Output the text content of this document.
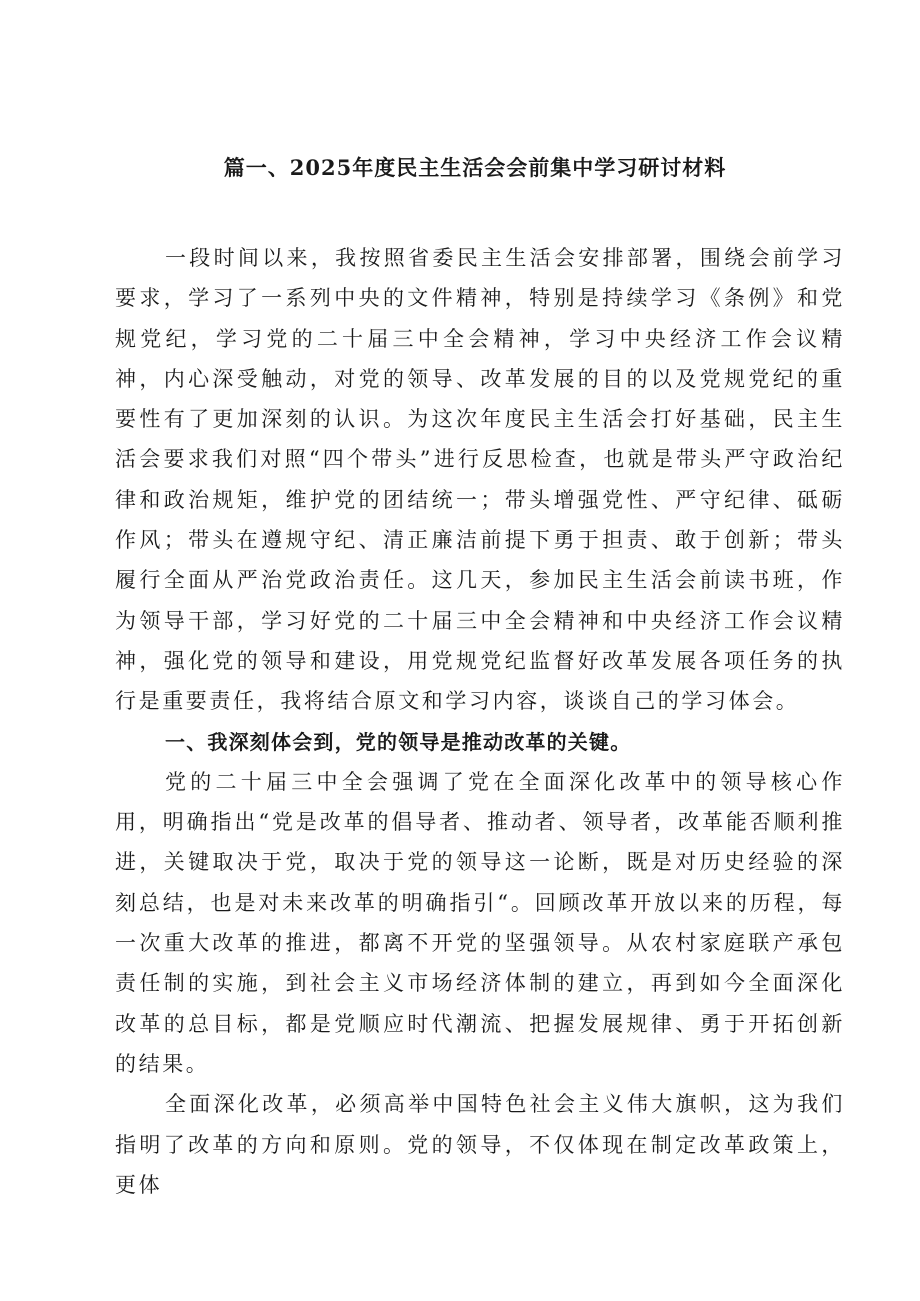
篇一、2025年度民主生活会会前集中学习研讨材料

一段时间以来，我按照省委民主生活会安排部署，围绕会前学习要求，学习了一系列中央的文件精神，特别是持续学习《条例》和党规党纪，学习党的二十届三中全会精神，学习中央经济工作会议精神，内心深受触动，对党的领导、改革发展的目的以及党规党纪的重要性有了更加深刻的认识。为这次年度民主生活会打好基础，民主生活会要求我们对照“四个带头”进行反思检查，也就是带头严守政治纪律和政治规矩，维护党的团结统一；带头增强党性、严守纪律、砥砺作风；带头在遵规守纪、清正廉洁前提下勇于担责、敢于创新；带头履行全面从严治党政治责任。这几天，参加民主生活会前读书班，作为领导干部，学习好党的二十届三中全会精神和中央经济工作会议精神，强化党的领导和建设，用党规党纪监督好改革发展各项任务的执行是重要责任，我将结合原文和学习内容，谈谈自己的学习体会。

一、我深刻体会到，党的领导是推动改革的关键。

党的二十届三中全会强调了党在全面深化改革中的领导核心作用，明确指出“党是改革的倡导者、推动者、领导者，改革能否顺利推进，关键取决于党，取决于党的领导这一论断，既是对历史经验的深刻总结，也是对未来改革的明确指引“。回顾改革开放以来的历程，每一次重大改革的推进，都离不开党的坚强领导。从农村家庭联产承包责任制的实施，到社会主义市场经济体制的建立，再到如今全面深化改革的总目标，都是党顺应时代潮流、把握发展规律、勇于开拓创新的结果。

全面深化改革，必须高举中国特色社会主义伟大旗帜，这为我们指明了改革的方向和原则。党的领导，不仅体现在制定改革政策上，更体
